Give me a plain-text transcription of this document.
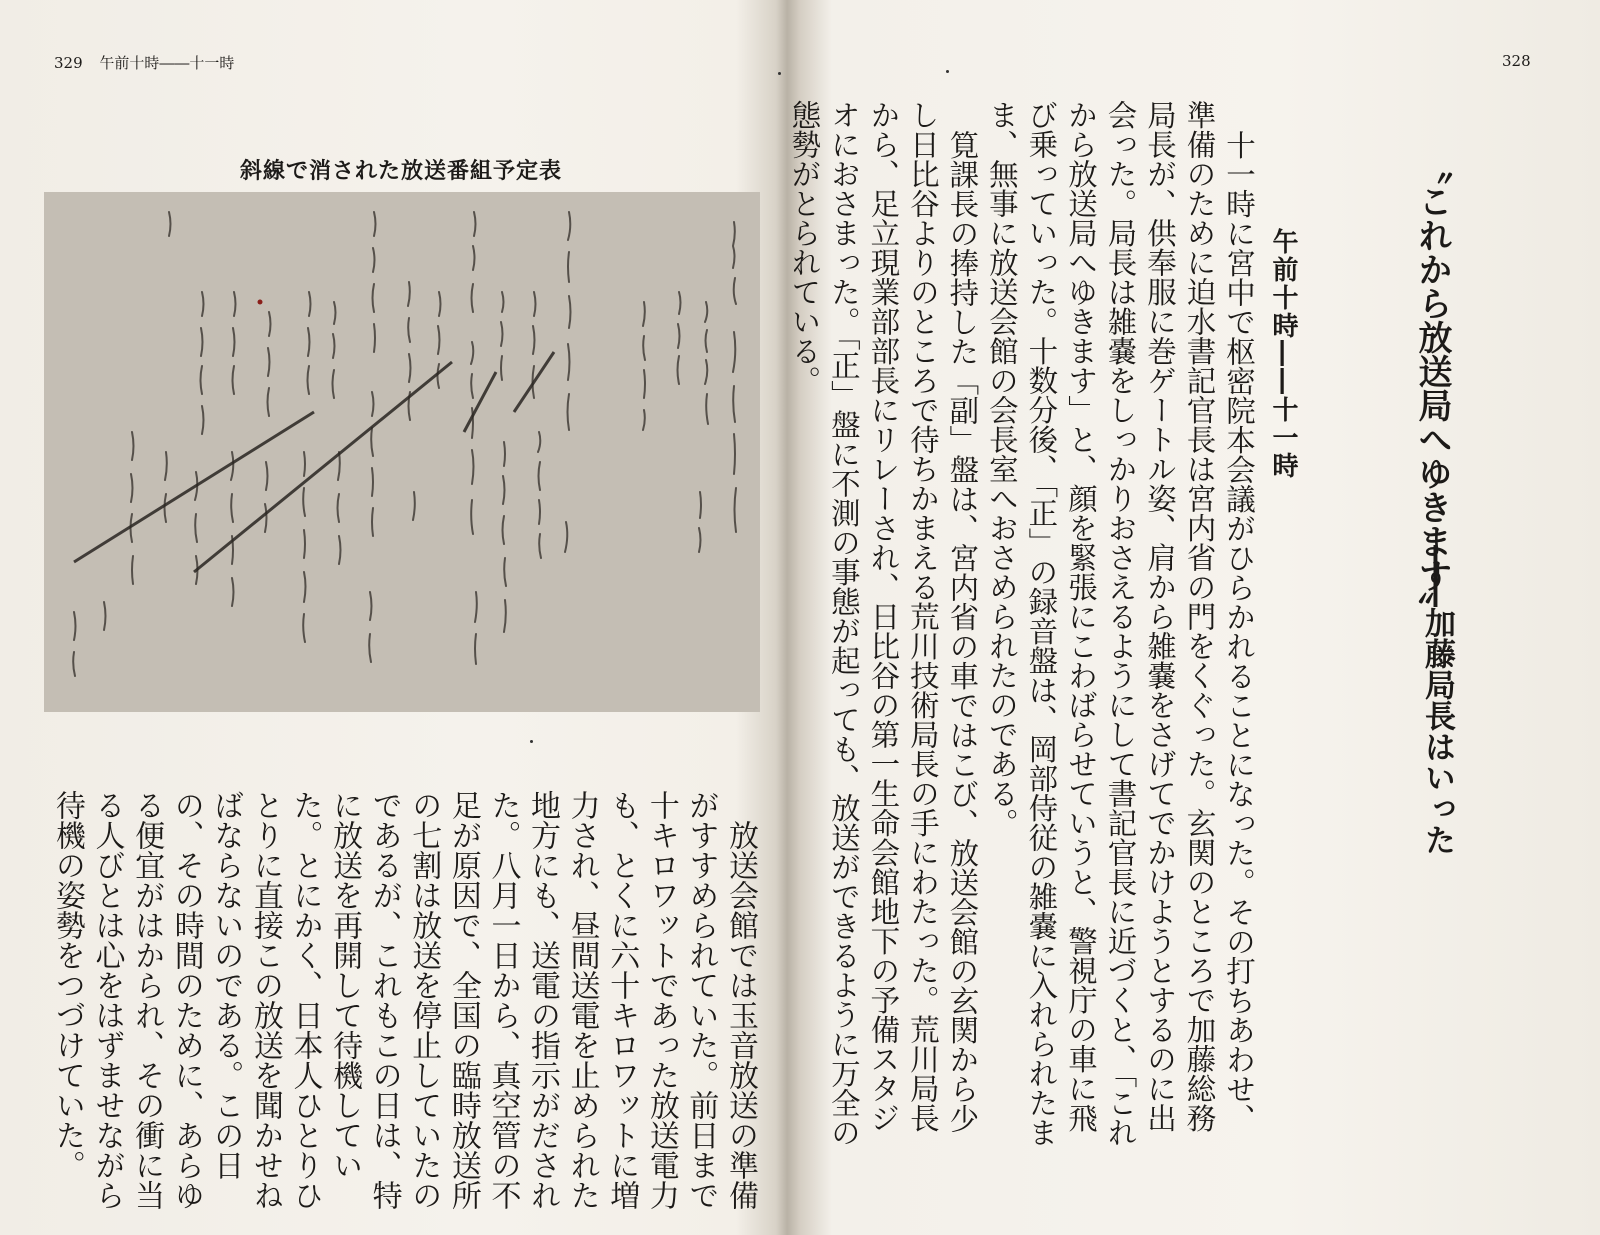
329 午前十時――十一時
斜線で消された放送番組予定表

放送会館では玉音放送の準備がすすめられていた。前日まで十キロワットであった放送電力も、とくに六十キロワットに増力され、昼間送電を止められた地方にも、送電の指示がだされた。八月一日から、真空管の不足が原因で、全国の臨時放送所の七割は放送を停止していたのであるが、これもこの日は、特に放送を再開して待機していた。とにかく、日本人ひとりひとりに直接この放送を聞かせねばならないのである。この日の、その時間のために、あらゆる便宜がはかられ、その衝に当る人びとは心をはずませながら待機の姿勢をつづけていた。

328
〝これから放送局へゆきます〟
――加藤局長はいった
午前十時――十一時

十一時に宮中で枢密院本会議がひらかれることになった。その打ちあわせ、準備のために迫水書記官長は宮内省の門をくぐった。玄関のところで加藤総務局長が、供奉服に巻ゲートル姿、肩から雑嚢をさげてでかけようとするのに出会った。局長は雑嚢をしっかりおさえるようにして書記官長に近づくと、「これから放送局へゆきます」と、顔を緊張にこわばらせていうと、警視庁の車に飛び乗っていった。十数分後、「正」の録音盤は、岡部侍従の雑嚢に入れられたまま、無事に放送会館の会長室へおさめられたのである。

筧課長の捧持した「副」盤は、宮内省の車ではこび、放送会館の玄関から少し日比谷よりのところで待ちかまえる荒川技術局長の手にわたった。荒川局長から、足立現業部部長にリレーされ、日比谷の第一生命会館地下の予備スタジオにおさまった。「正」盤に不測の事態が起っても、放送ができるように万全の態勢がとられている。
